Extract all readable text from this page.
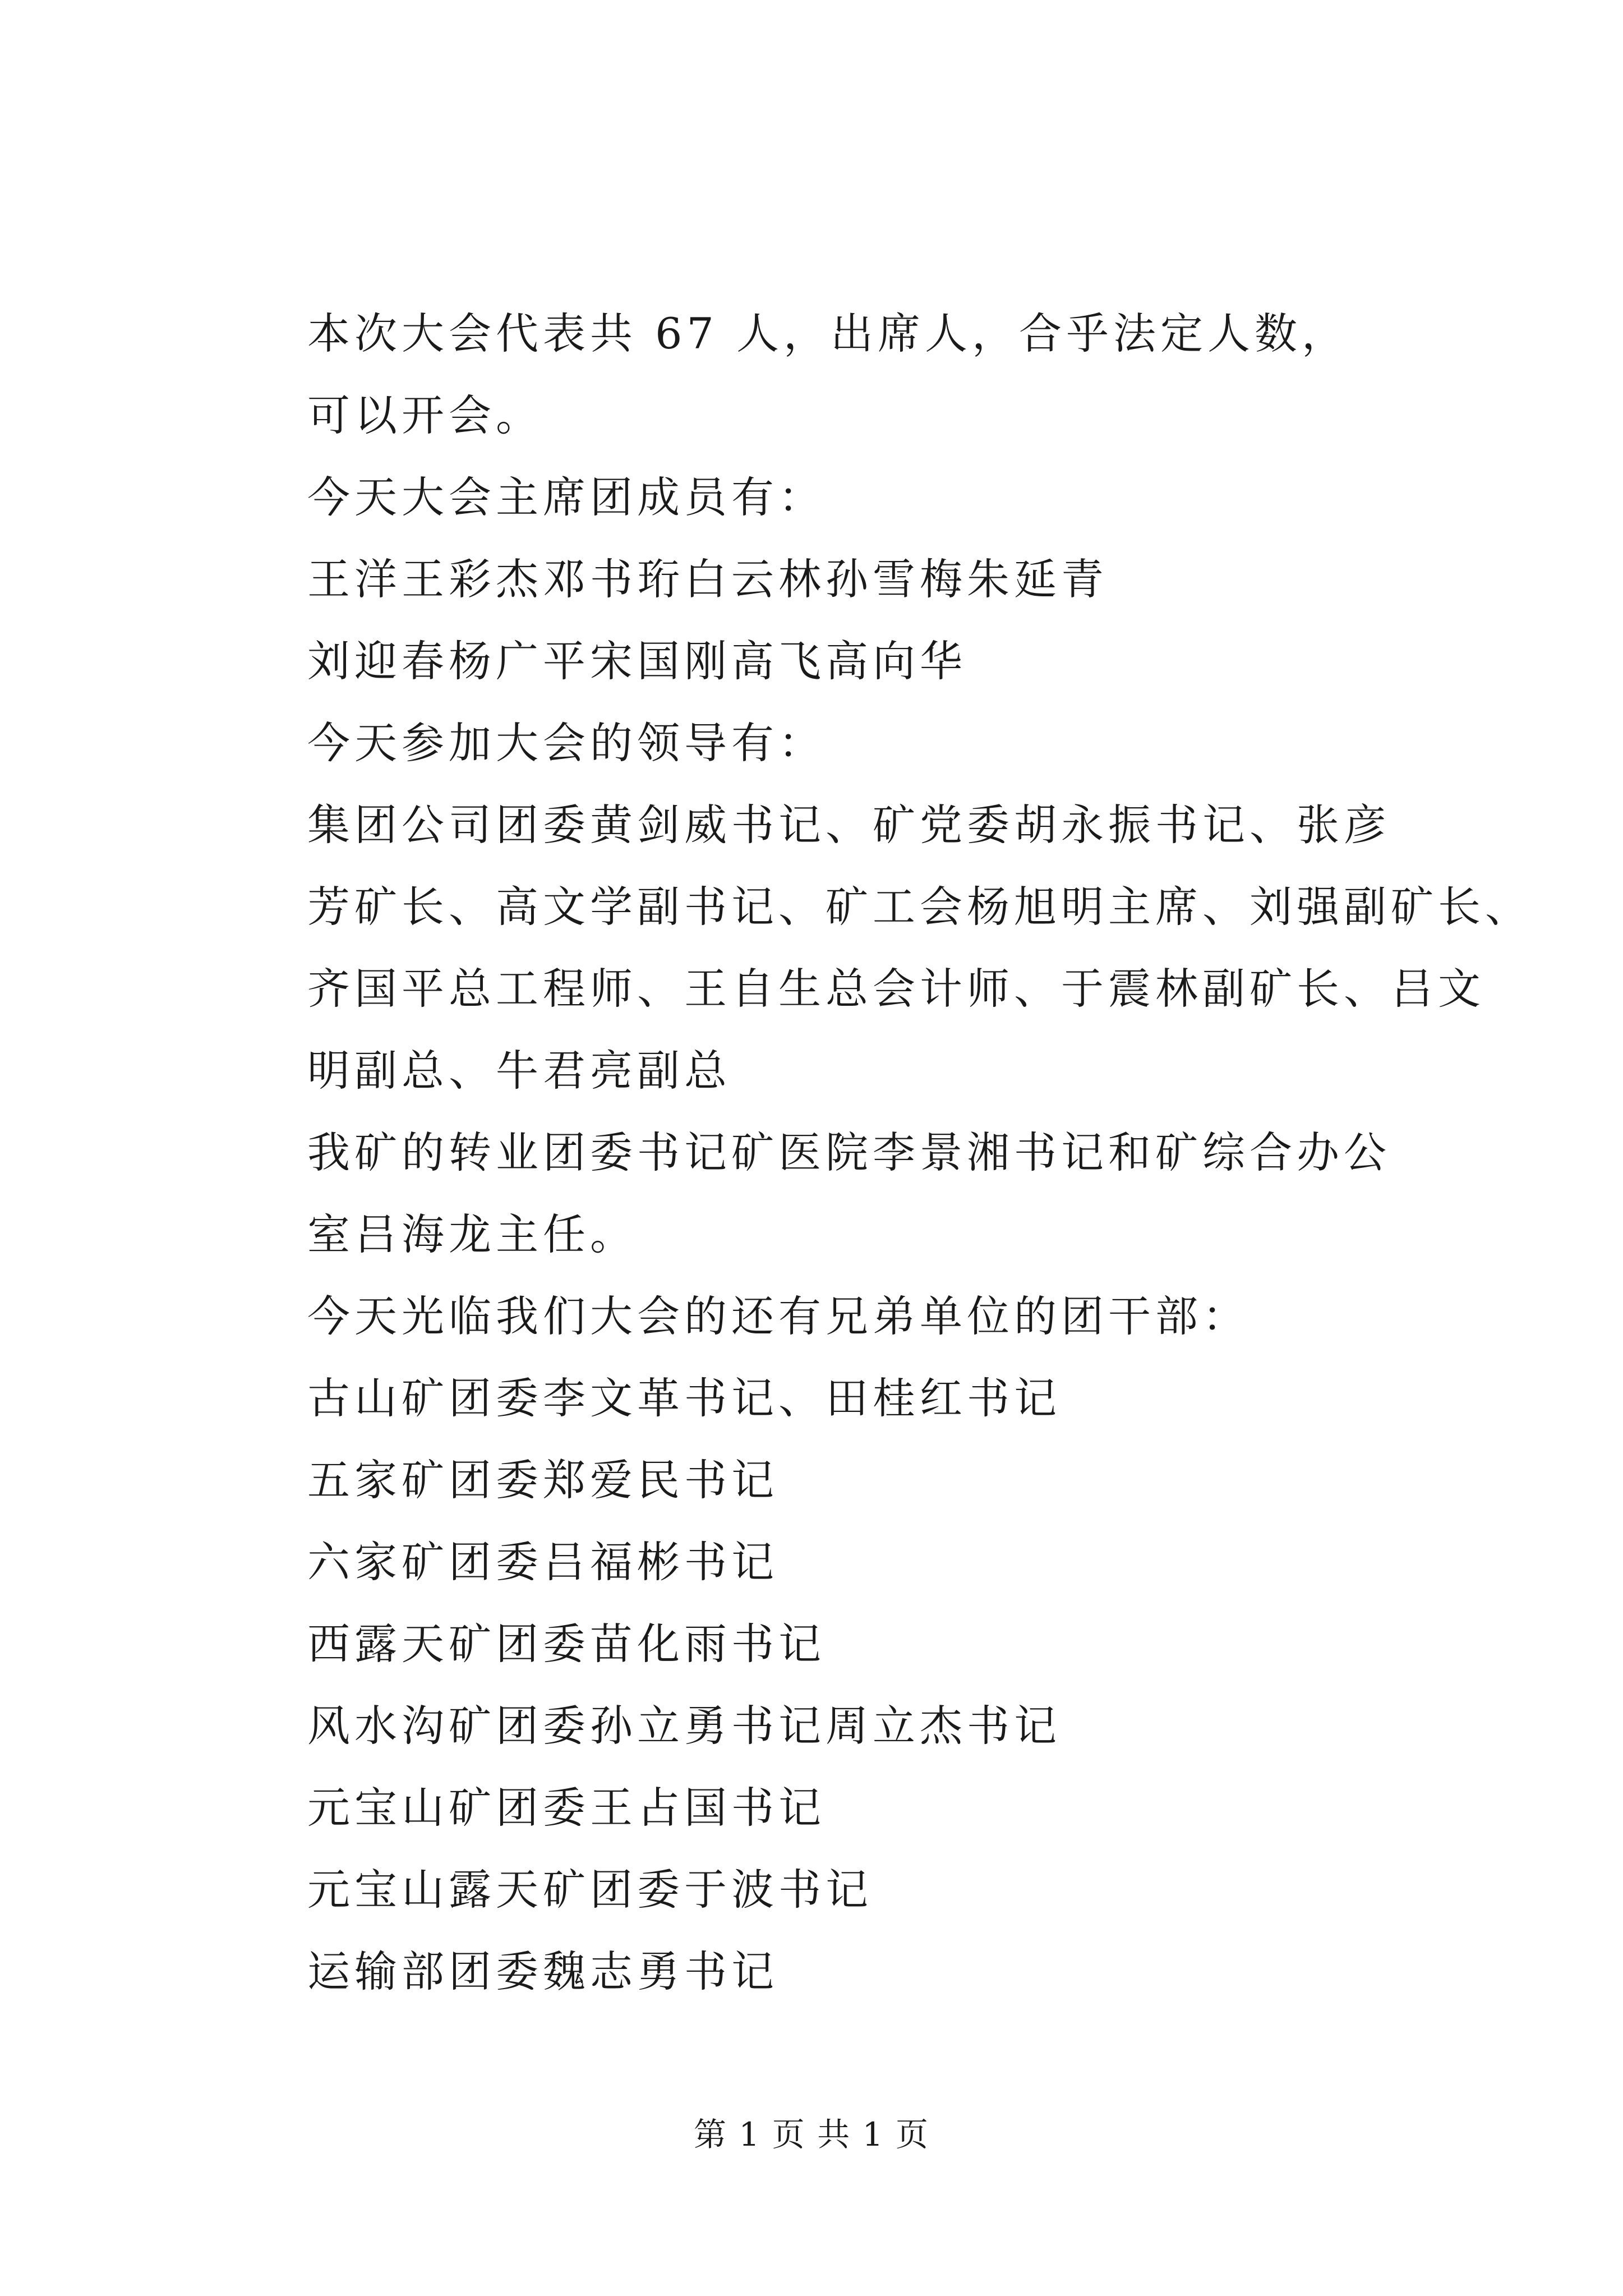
本次大会代表共 67 人，出席人，合乎法定人数，
可以开会。
今天大会主席团成员有：
王洋王彩杰邓书珩白云林孙雪梅朱延青
刘迎春杨广平宋国刚高飞高向华
今天参加大会的领导有：
集团公司团委黄剑威书记、矿党委胡永振书记、张彦
芳矿长、高文学副书记、矿工会杨旭明主席、刘强副矿长、
齐国平总工程师、王自生总会计师、于震林副矿长、吕文
明副总、牛君亮副总
我矿的转业团委书记矿医院李景湘书记和矿综合办公
室吕海龙主任。
今天光临我们大会的还有兄弟单位的团干部：
古山矿团委李文革书记、田桂红书记
五家矿团委郑爱民书记
六家矿团委吕福彬书记
西露天矿团委苗化雨书记
风水沟矿团委孙立勇书记周立杰书记
元宝山矿团委王占国书记
元宝山露天矿团委于波书记
运输部团委魏志勇书记
第 1 页 共 1 页
